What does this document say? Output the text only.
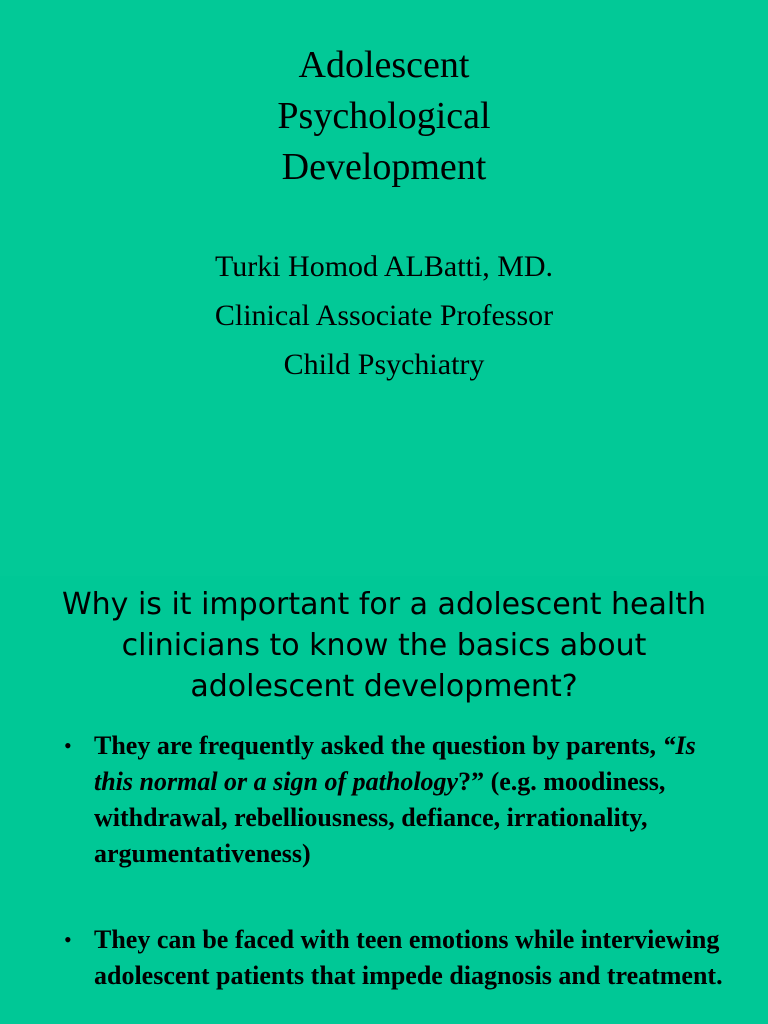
Adolescent
Psychological
Development
Turki Homod ALBatti, MD.
Clinical Associate Professor
Child Psychiatry
Why is it important for a adolescent health clinicians to know the basics about adolescent development?
• They are frequently asked the question by parents, “Is this normal or a sign of pathology?” (e.g. moodiness, withdrawal, rebelliousness, defiance, irrationality, argumentativeness)
• They can be faced with teen emotions while interviewing adolescent patients that impede diagnosis and treatment.
